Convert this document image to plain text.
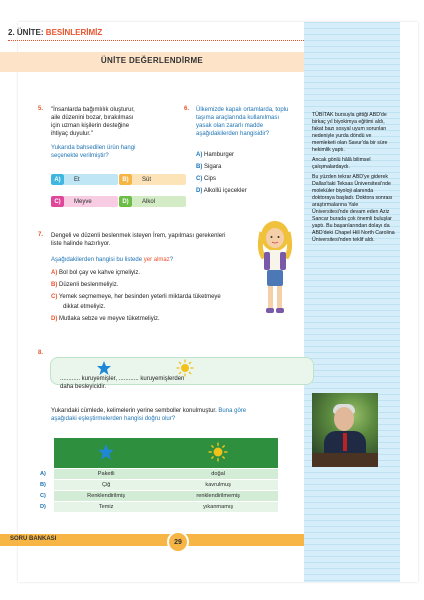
2. ÜNİTE: BESİNLERİMİZ
ÜNİTE DEĞERLENDİRME
5. "İnsanlarda bağımlılık oluşturur,
aile düzenini bozar, bırakılması
için uzman kişilerin desteğine
ihtiyaç duyulur."
Yukarıda bahsedilen ürün hangi
seçenekte verilmiştir?
A)	Et	B)	Süt
C)	Meyve	D)	Alkol
6. Ülkemizde kapalı ortamlarda, toplu
taşıma araçlarında kullanılması
yasak olan zararlı madde
aşağıdakilerden hangisidir?
A) Hamburger
B) Sigara
C) Cips
D) Alkollü içecekler
7. Dengeli ve düzenli beslenmek isteyen İrem, yapılması gerekenleri
liste halinde hazırlıyor.
Aşağıdakilerden hangisi bu listede yer almaz?
A) Bol bol çay ve kahve içmeliyiz.
B) Düzenli beslenmeliyiz.
C) Yemek seçmemeye, her besinden yeterli miktarda tüketmeye
dikkat etmeliyiz.
D) Mutlaka sebze ve meyve tüketmeliyiz.
8.
............ kuruyemişler, ............ kuruyemişlerden
daha besleyicidir.
Yukarıdaki cümlede, kelimelerin yerine semboller konulmuştur. Buna göre
aşağıdaki eşleştirmelerden hangisi doğru olur?

A)	Paketli	doğal
B)	Çiğ	kavrulmuş
C)	Renklendirilmiş	renklendirilmemiş
D)	Temiz	yıkanmamış

TÜBİTAK bursuyla gittiği ABD'de birkaç yıl biyokimya eğitimi aldı, fakat bazı sosyal uyum sorunları nedeniyle yurda döndü ve memleketi olan Savur'da bir süre hekimlik yaptı.

Ancak gönlü hâlâ bilimsel çalışmalardaydı.

Bu yüzden tekrar ABD'ye giderek Dallas'taki Teksas Üniversitesi'nde moleküler biyoloji alanında doktoraya başladı. Doktora sonrası araştırmalarına Yale Üniversitesi'nde devam eden Aziz Sancar burada çok önemli buluşlar yaptı. Bu başarılarından dolayı da ABD'deki Chapel Hill North Carolina Üniversitesi'nden teklif aldı.

SORU BANKASI	29
